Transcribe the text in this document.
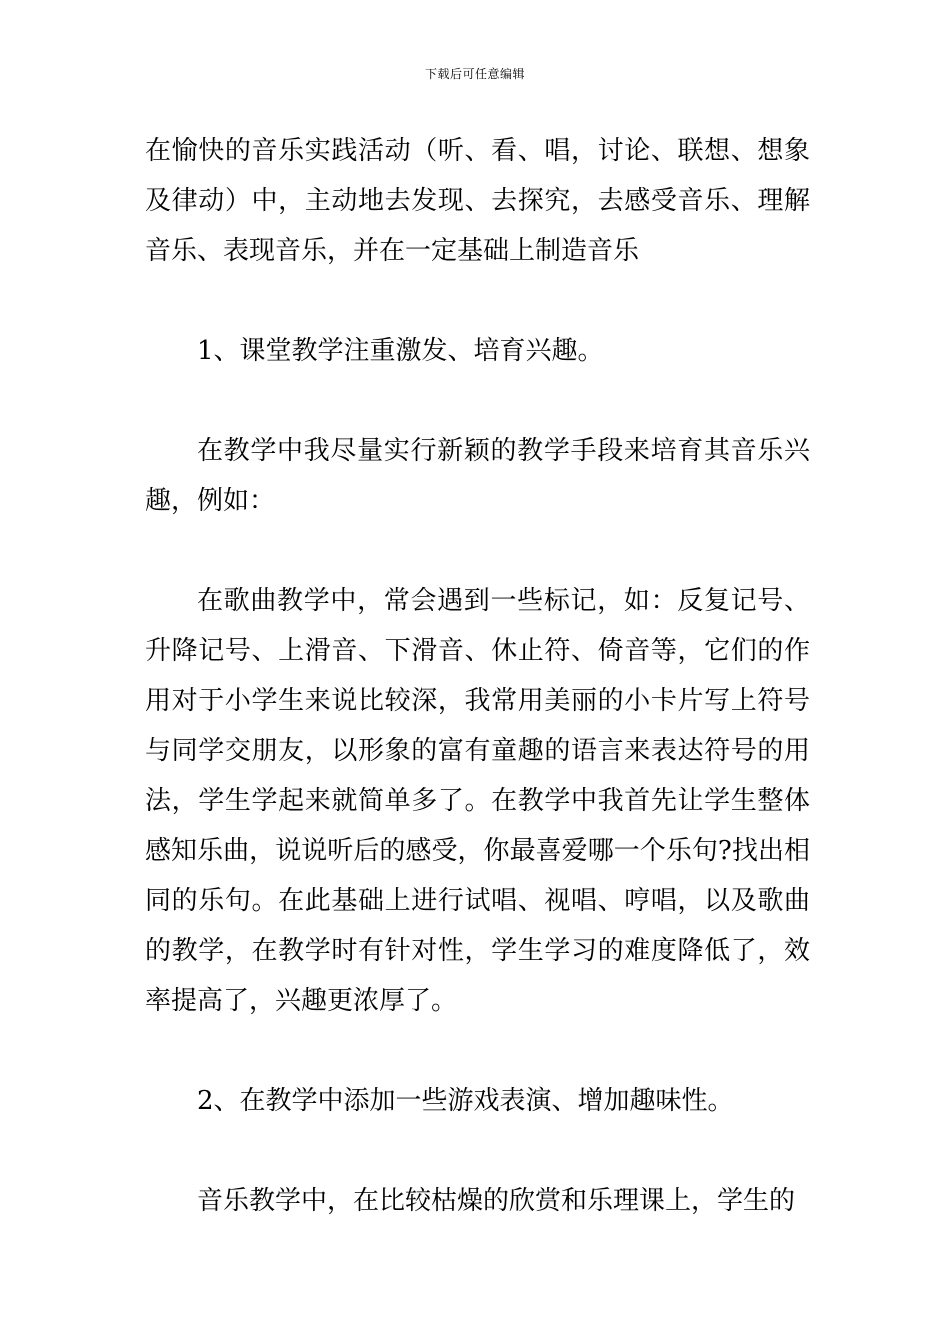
下载后可任意编辑

在愉快的音乐实践活动（听、看、唱，讨论、联想、想象及律动）中，主动地去发现、去探究，去感受音乐、理解音乐、表现音乐，并在一定基础上制造音乐

1、课堂教学注重激发、培育兴趣。

在教学中我尽量实行新颖的教学手段来培育其音乐兴趣，例如：

在歌曲教学中，常会遇到一些标记，如：反复记号、升降记号、上滑音、下滑音、休止符、倚音等，它们的作用对于小学生来说比较深，我常用美丽的小卡片写上符号与同学交朋友，以形象的富有童趣的语言来表达符号的用法，学生学起来就简单多了。在教学中我首先让学生整体感知乐曲，说说听后的感受，你最喜爱哪一个乐句?找出相同的乐句。在此基础上进行试唱、视唱、哼唱，以及歌曲的教学，在教学时有针对性，学生学习的难度降低了，效率提高了，兴趣更浓厚了。

2、在教学中添加一些游戏表演、增加趣味性。

音乐教学中，在比较枯燥的欣赏和乐理课上，学生的
